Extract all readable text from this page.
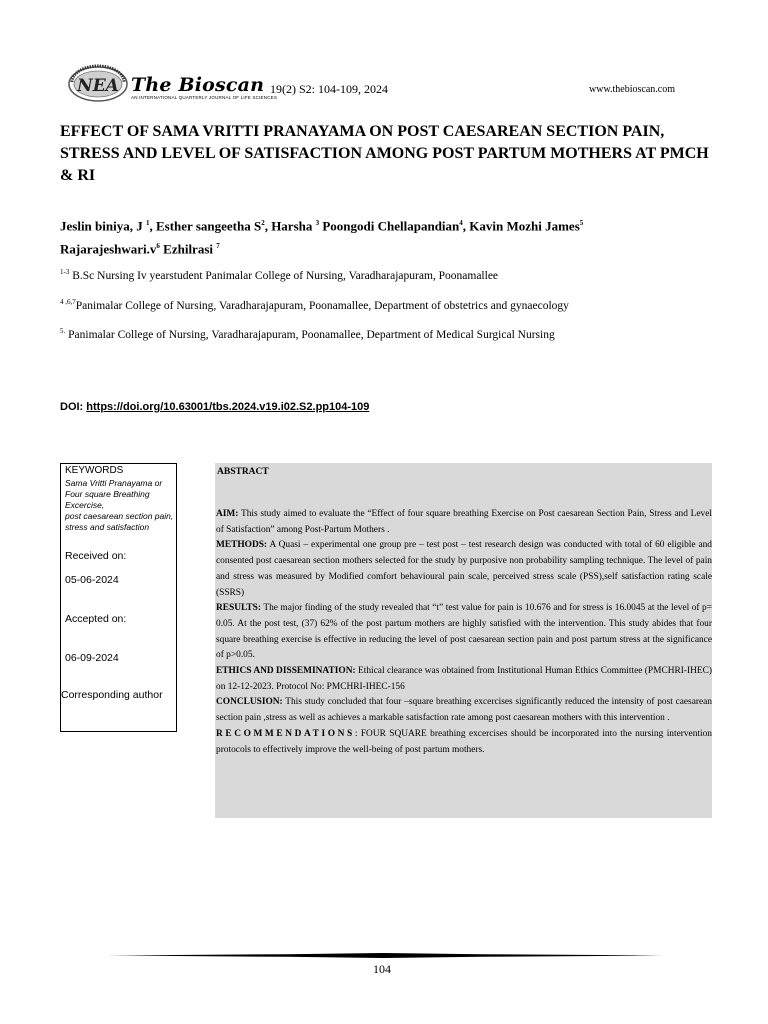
NEA The Bioscan 19(2) S2: 104-109, 2024
AN INTERNATIONAL QUARTERLY JOURNAL OF LIFE SCIENCES
www.thebioscan.com
EFFECT OF SAMA VRITTI PRANAYAMA ON POST CAESAREAN SECTION PAIN, STRESS AND LEVEL OF SATISFACTION AMONG POST PARTUM MOTHERS AT PMCH & RI
Jeslin biniya, J $^1$, Esther sangeetha $S^2$, Harsha $^3$ Poongodi Chellapandian$^4$, Kavin Mozhi James$^5$
$Rajarajeshwari.v^6$ Ezhilrasi $^7$
$^{1-3}$ B.Sc Nursing Iv yearstudent Panimalar College of Nursing, Varadharajapuram, Poonamallee
$^{4 ,6,7}$Panimalar College of Nursing, Varadharajapuram, Poonamallee, Department of obstetrics and gynaecology
$^{5.}$ Panimalar College of Nursing, Varadharajapuram, Poonamallee, Department of Medical Surgical Nursing
DOI: https://doi.org/10.63001/tbs.2024.v19.i02.S2.pp104-109
KEYWORDS
Sama Vritti Pranayama or
Four square Breathing Excercise,
post caesarean section pain,
stress and satisfaction
Received on:
05-06-2024
Accepted on:
06-09-2024
Corresponding author
ABSTRACT

AIM: This study aimed to evaluate the “Effect of four square breathing Exercise on Post caesarean Section Pain, Stress and Level of Satisfaction” among Post-Partum Mothers .

METHODS: A Quasi – experimental one group pre – test post – test research design was conducted with total of 60 eligible and consented post caesarean section mothers selected for the study by purposive non probability sampling technique. The level of pain and stress was measured by Modified comfort behavioural pain scale, perceived stress scale (PSS),self satisfaction rating scale (SSRS)

RESULTS: The major finding of the study revealed that “t” test value for pain is 10.676 and for stress is 16.0045 at the level of p= 0.05. At the post test, (37) 62% of the post partum mothers are highly satisfied with the intervention. This study abides that four square breathing exercise is effective in reducing the level of post caesarean section pain and post partum stress at the significance of p>0.05.

ETHICS AND DISSEMINATION: Ethical clearance was obtained from Institutional Human Ethics Committee (PMCHRI-IHEC) on 12-12-2023. Protocol No: PMCHRI-IHEC-156

CONCLUSION: This study concluded that four –square breathing excercises significantly reduced the intensity of post caesarean section pain ,stress as well as achieves a markable satisfaction rate among post caesarean mothers with this intervention .

RECOMMENDATIONS: FOUR SQUARE breathing excercises should be incorporated into the nursing intervention protocols to effectively improve the well-being of post partum mothers.

104
